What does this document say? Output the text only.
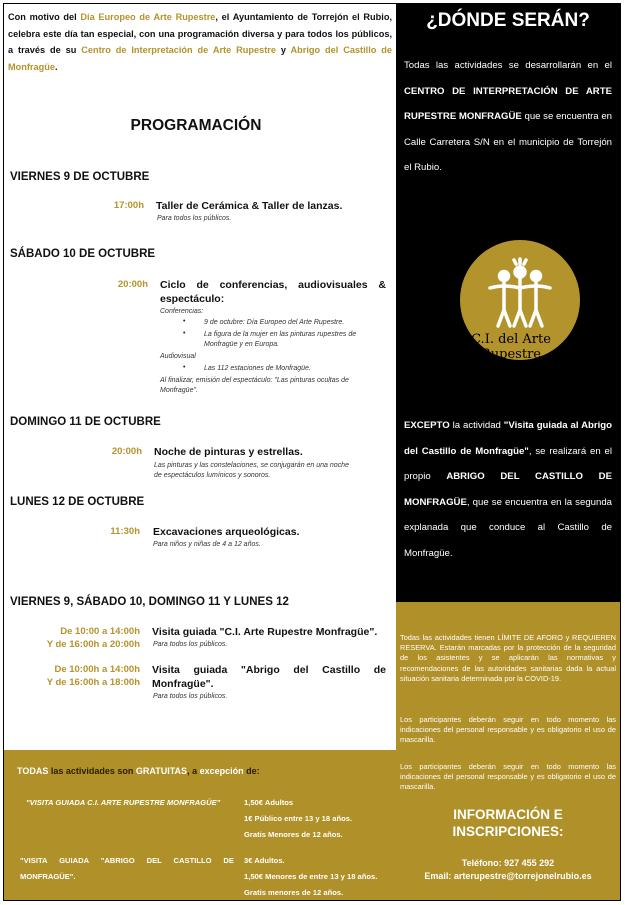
Con motivo del Día Europeo de Arte Rupestre, el Ayuntamiento de Torrejón el Rubio, celebra este día tan especial, con una programación diversa y para todos los públicos, a través de su Centro de Interpretación de Arte Rupestre y Abrigo del Castillo de Monfragüe.
PROGRAMACIÓN
VIERNES 9 DE OCTUBRE
17:00h Taller de Cerámica & Taller de lanzas.
Para todos los públicos.
SÁBADO 10 DE OCTUBRE
20:00h Ciclo de conferencias, audiovisuales &
espectáculo:
Conferencias:
•	9 de octubre: Día Europeo del Arte Rupestre.
•	La figura de la mujer en las pinturas rupestres de
Monfragüe y en Europa.
Audiovisual
•	Las 112 estaciones de Monfragüe.
Al finalizar, emisión del espectáculo: "Las pinturas ocultas de
Monfragüe".
DOMINGO 11 DE OCTUBRE
20:00h Noche de pinturas y estrellas.
Las pinturas y las constelaciones, se conjugarán en una noche
de espectáculos lumínicos y sonoros.
LUNES 12 DE OCTUBRE
11:30h Excavaciones arqueológicas.
Para niños y niñas de 4 a 12 años.
VIERNES 9, SÁBADO 10, DOMINGO 11 Y LUNES 12
De 10:00 a 14:00h
Y de 16:00h a 20:00h
Visita guiada "C.I. Arte Rupestre Monfragüe".
Para todos los públicos.
De 10:00h a 14:00h
Y de 16:00h a 18:00h
Visita guiada "Abrigo del Castillo de
Monfragüe".
Para todos los públicos.
TODAS las actividades son GRATUITAS, a excepción de:
"VISITA GUIADA C.I. ARTE RUPESTRE MONFRAGÜE"	1,50€ Adultos
1€ Público entre 13 y 18 años.
Gratis Menores de 12 años.
"VISITA GUIADA "ABRIGO DEL CASTILLO DE
MONFRAGÜE".
3€ Adultos.
1,50€ Menores de entre 13 y 18 años.
Gratis menores de 12 años.
¿DÓNDE SERÁN?
Todas las actividades se desarrollarán en el CENTRO DE INTERPRETACIÓN DE ARTE RUPESTRE MONFRAGÜE que se encuentra en Calle Carretera S/N en el municipio de Torrejón el Rubio.
C.I. del Arte Rupestre
EXCEPTO la actividad "Visita guiada al Abrigo del Castillo de Monfragüe", se realizará en el propio ABRIGO DEL CASTILLO DE MONFRAGÜE, que se encuentra en la segunda explanada que conduce al Castillo de Monfragüe.
Todas las actividades tienen LÍMITE DE AFORO y REQUIEREN RESERVA. Estarán marcadas por la protección de la seguridad de los asistentes y se aplicarán las normativas y recomendaciones de las autoridades sanitarias dada la actual situación sanitaria determinada por la COVID-19.
Los participantes deberán seguir en todo momento las indicaciones del personal responsable y es obligatorio el uso de mascarilla.
Los participantes deberán seguir en todo momento las indicaciones del personal responsable y es obligatorio el uso de mascarilla.
INFORMACIÓN E
INSCRIPCIONES:
Teléfono: 927 455 292
Email: arterupestre@torrejonelrubio.es
